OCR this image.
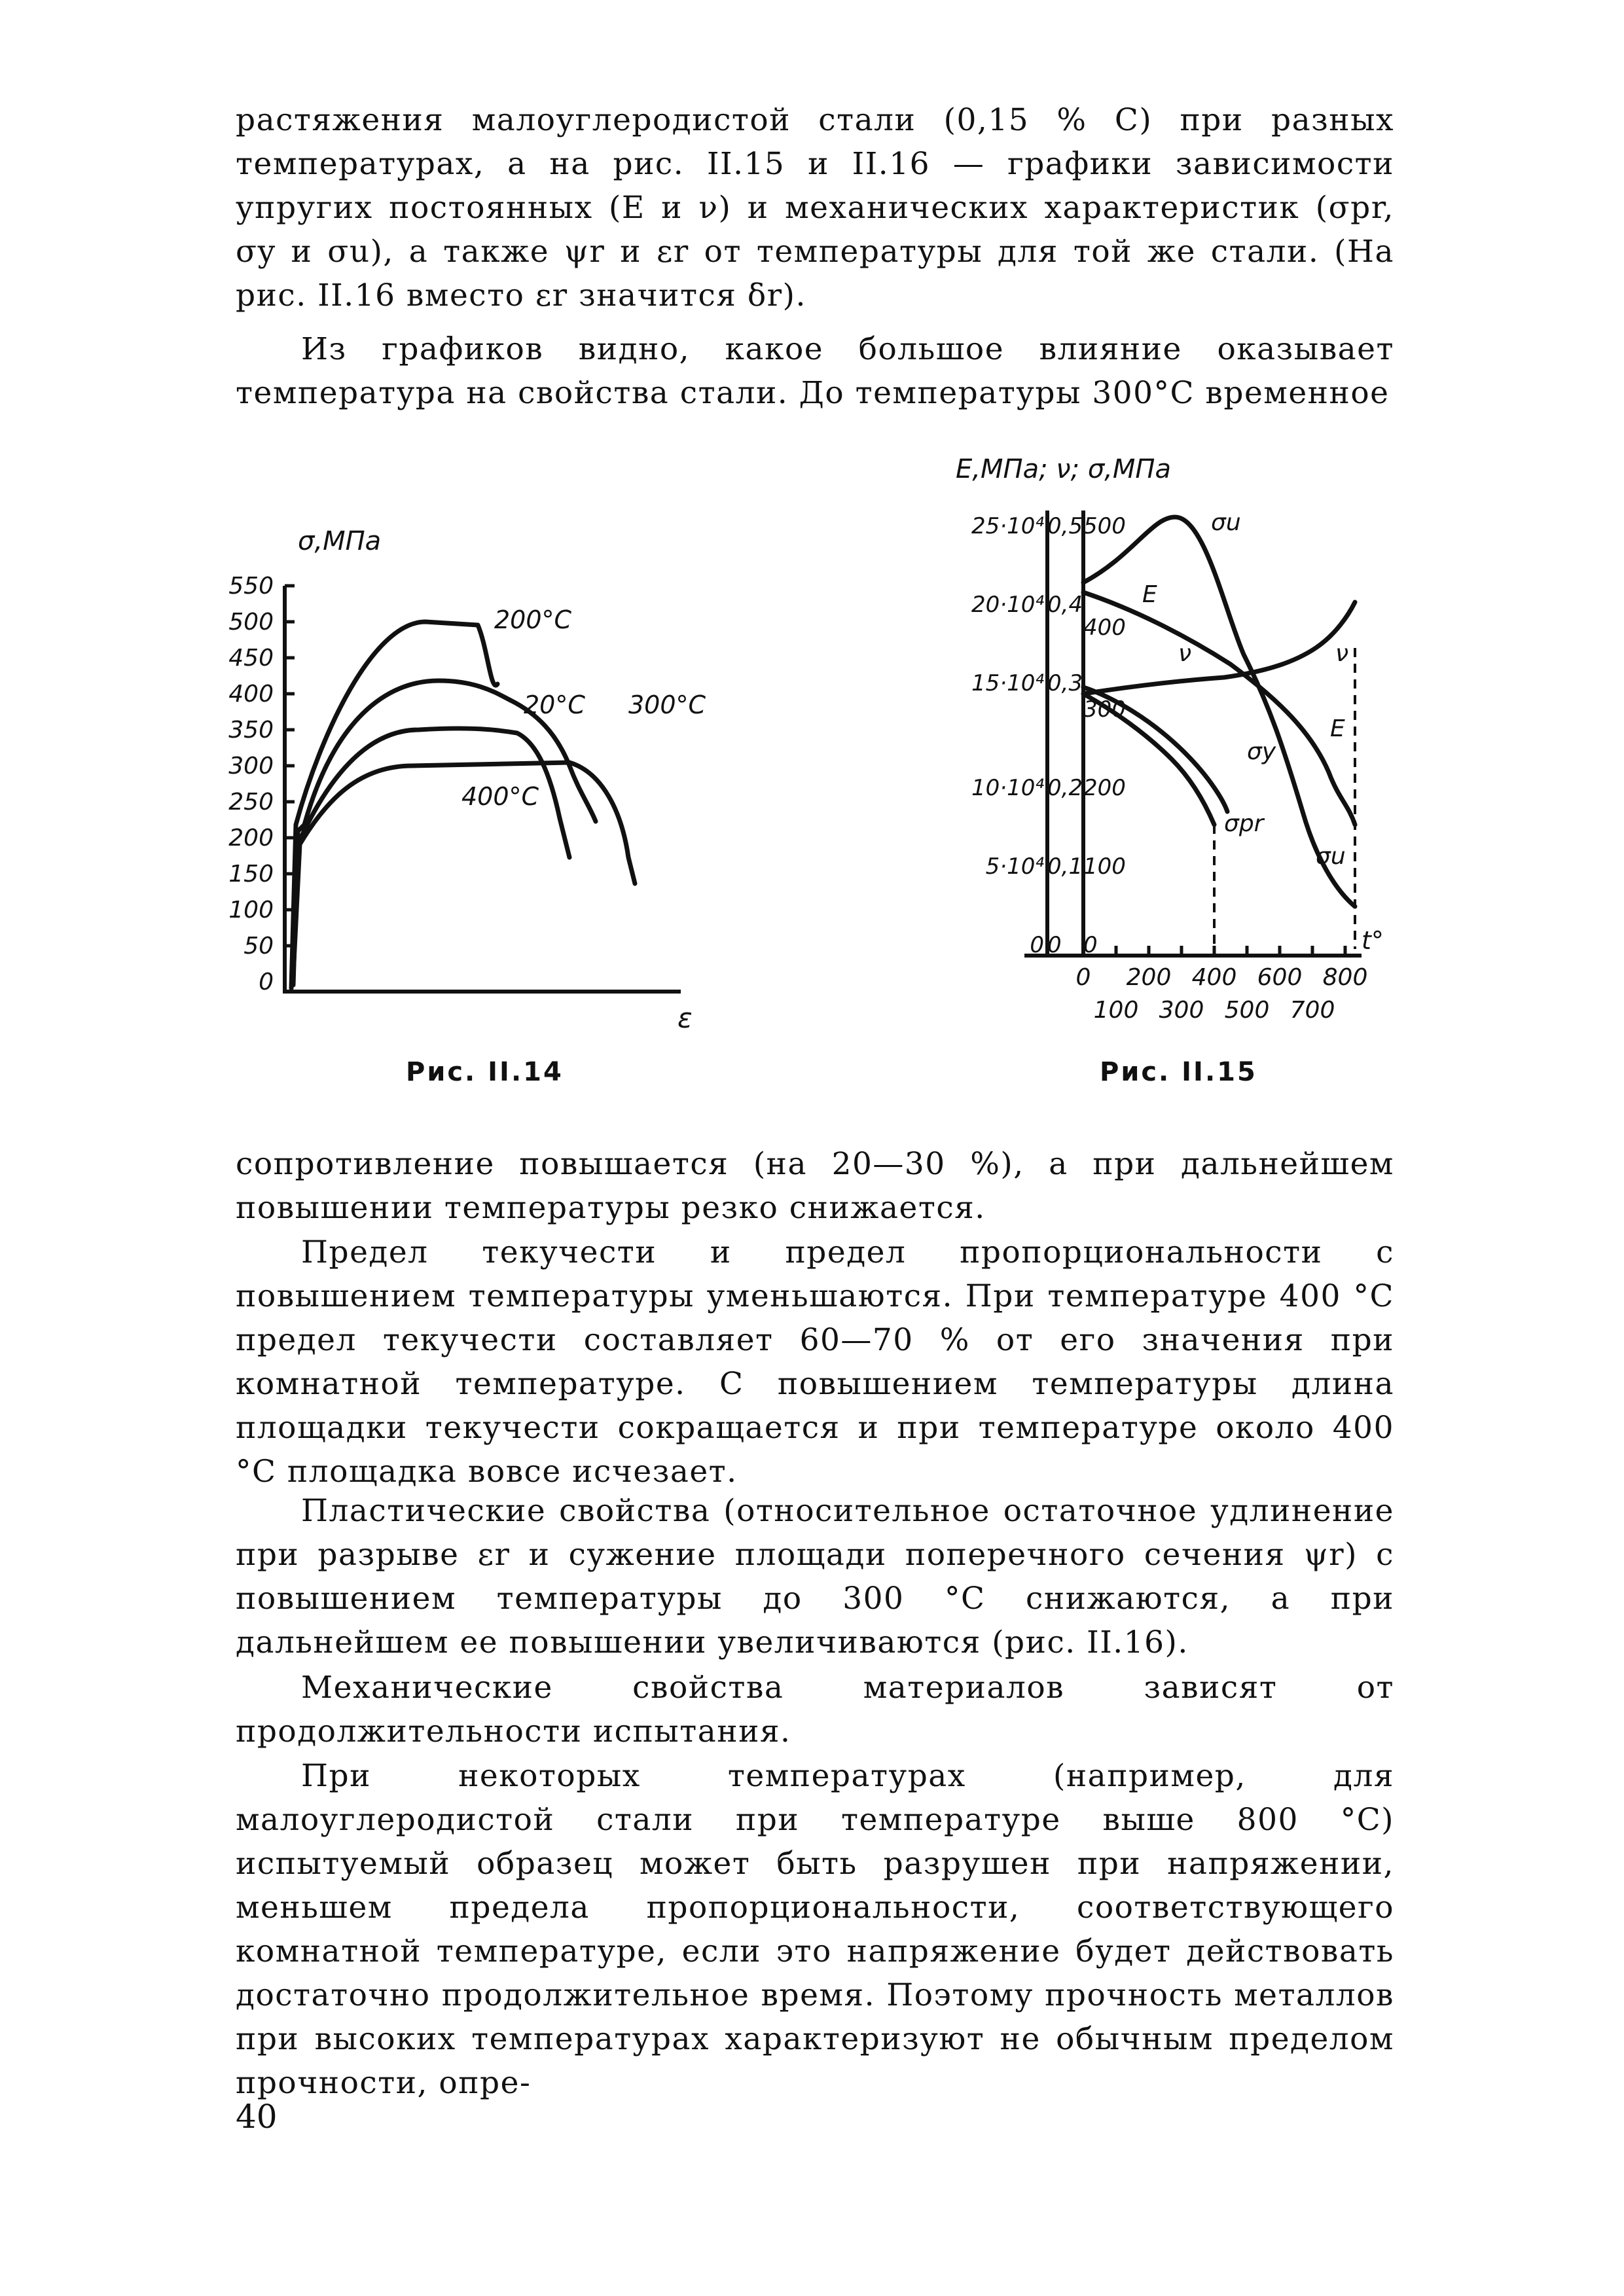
растяжения малоуглеродистой стали (0,15 % С) при разных температурах, а на рис. II.15 и II.16 — графики зависимости упругих постоянных (E и ν) и механических характеристик (σpr, σy и σu), а также ψr и εr от температуры для той же стали. (На рис. II.16 вместо εr значится δr).

Из графиков видно, какое большое влияние оказывает температура на свойства стали. До температуры 300°С временное

σ,МПа
550
500
450
400
350
300
250
200
150
100
50
0
200°C
20°C 300°C
400°C
ε
Рис. II.14
E,МПа; ν; σ,МПа
25·10⁴
20·10⁴
15·10⁴
10·10⁴
5·10⁴
0
0,5
0,4
0,3
0,2
0,1
0
500
400
300
200
100
0
σu
E
ν
σy
σpr
σu
ν
E
0 200 400 600 800
100 300 500 700
t°
Рис. II.15

сопротивление повышается (на 20—30 %), а при дальнейшем повышении температуры резко снижается.

Предел текучести и предел пропорциональности с повышением температуры уменьшаются. При температуре 400 °С предел текучести составляет 60—70 % от его значения при комнатной температуре. С повышением температуры длина площадки текучести сокращается и при температуре около 400 °С площадка вовсе исчезает.

Пластические свойства (относительное остаточное удлинение при разрыве εr и сужение площади поперечного сечения ψr) с повышением температуры до 300 °С снижаются, а при дальнейшем ее повышении увеличиваются (рис. II.16).

Механические свойства материалов зависят от продолжительности испытания.

При некоторых температурах (например, для малоуглеродистой стали при температуре выше 800 °С) испытуемый образец может быть разрушен при напряжении, меньшем предела пропорциональности, соответствующего комнатной температуре, если это напряжение будет действовать достаточно продолжительное время. Поэтому прочность металлов при высоких температурах характеризуют не обычным пределом прочности, опре-

40
